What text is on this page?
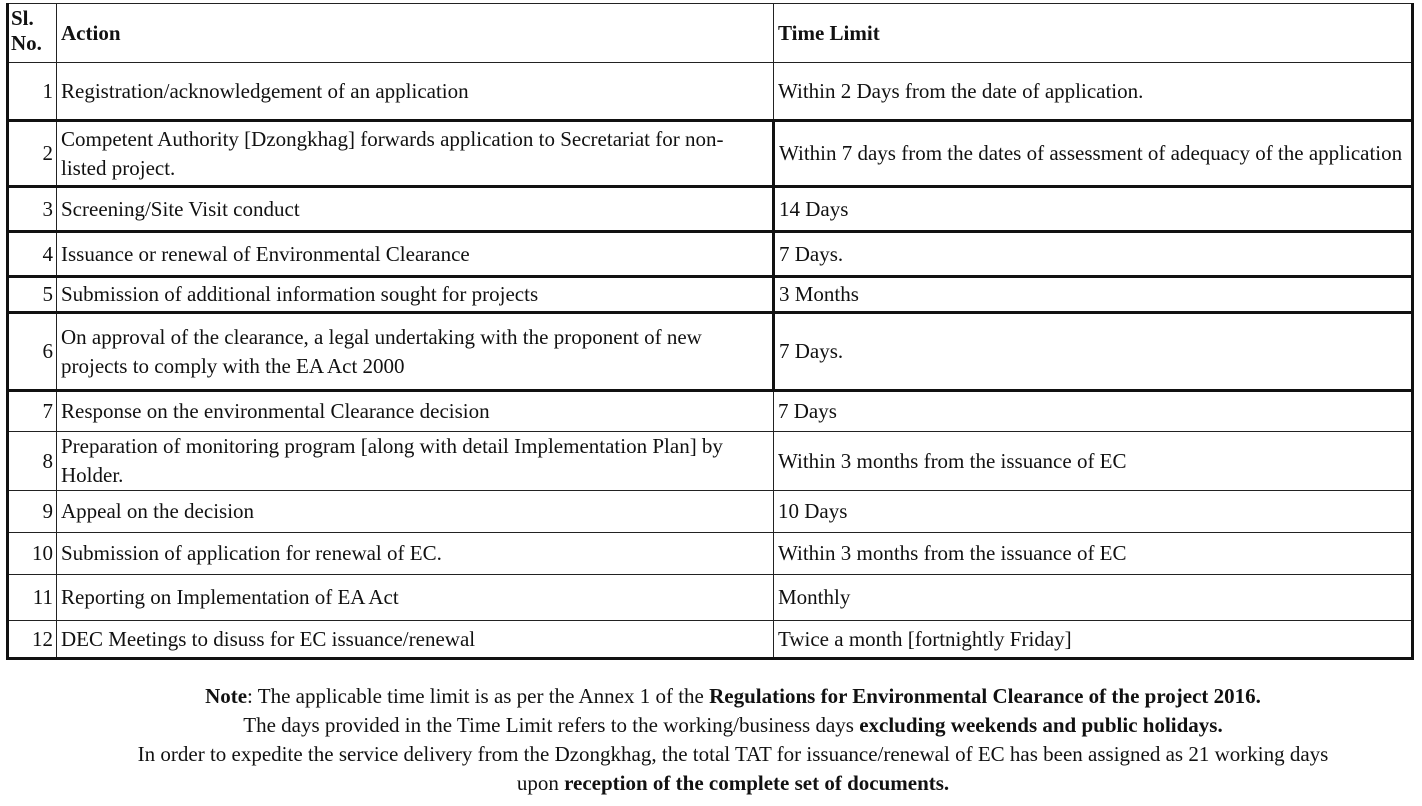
Sl. No.	Action	Time Limit
1	Registration/acknowledgement of an application	Within 2 Days from the date of application.
2	Competent Authority [Dzongkhag] forwards application to Secretariat for non-listed project.	Within 7 days from the dates of assessment of adequacy of the application
3	Screening/Site Visit conduct	14 Days
4	Issuance or renewal of Environmental Clearance	7 Days.
5	Submission of additional information sought for projects	3 Months
6	On approval of the clearance, a legal undertaking with the proponent of new projects to comply with the EA Act 2000	7 Days.
7	Response on the environmental Clearance decision	7 Days
8	Preparation of monitoring program [along with detail Implementation Plan] by Holder.	Within 3 months from the issuance of EC
9	Appeal on the decision	10 Days
10	Submission of application for renewal of EC.	Within 3 months from the issuance of EC
11	Reporting on Implementation of EA Act	Monthly
12	DEC Meetings to disuss for EC issuance/renewal	Twice a month [fortnightly Friday]

Note: The applicable time limit is as per the Annex 1 of the Regulations for Environmental Clearance of the project 2016.

The days provided in the Time Limit refers to the working/business days excluding weekends and public holidays.

In order to expedite the service delivery from the Dzongkhag, the total TAT for issuance/renewal of EC has been assigned as 21 working days

upon reception of the complete set of documents.
